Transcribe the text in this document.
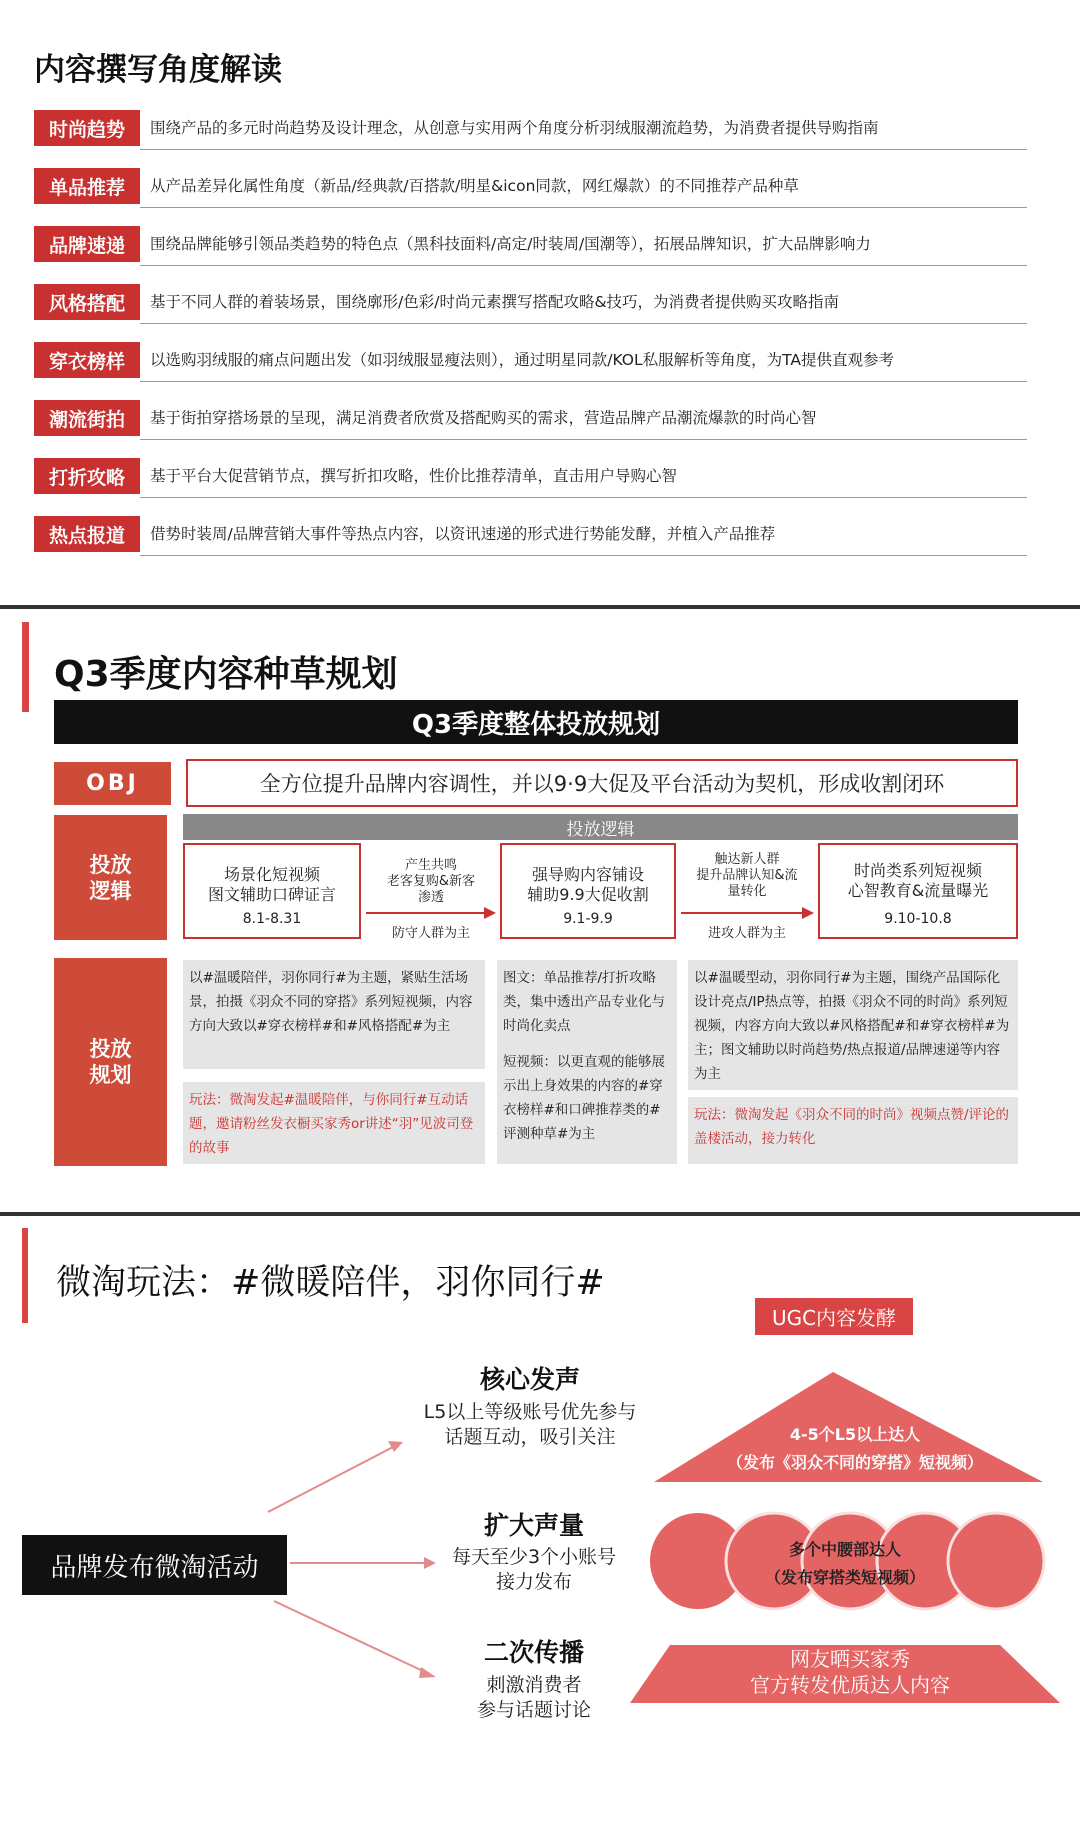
内容撰写角度解读
时尚趋势	围绕产品的多元时尚趋势及设计理念，从创意与实用两个角度分析羽绒服潮流趋势，为消费者提供导购指南
单品推荐	从产品差异化属性角度（新品/经典款/百搭款/明星&icon同款，网红爆款）的不同推荐产品种草
品牌速递	围绕品牌能够引领品类趋势的特色点（黑科技面料/高定/时装周/国潮等），拓展品牌知识，扩大品牌影响力
风格搭配	基于不同人群的着装场景，围绕廓形/色彩/时尚元素撰写搭配攻略&技巧，为消费者提供购买攻略指南
穿衣榜样	以选购羽绒服的痛点问题出发（如羽绒服显瘦法则），通过明星同款/KOL私服解析等角度，为TA提供直观参考
潮流街拍	基于街拍穿搭场景的呈现，满足消费者欣赏及搭配购买的需求，营造品牌产品潮流爆款的时尚心智
打折攻略	基于平台大促营销节点，撰写折扣攻略，性价比推荐清单，直击用户导购心智
热点报道	借势时装周/品牌营销大事件等热点内容，以资讯速递的形式进行势能发酵，并植入产品推荐
Q3季度内容种草规划
Q3季度整体投放规划
OBJ	全方位提升品牌内容调性，并以9·9大促及平台活动为契机，形成收割闭环
投放逻辑
投放
逻辑
场景化短视频
图文辅助口碑证言
8.1-8.31
强导购内容铺设
辅助9.9大促收割
9.1-9.9
时尚类系列短视频
心智教育&流量曝光
9.10-10.8
产生共鸣
老客复购&新客
渗透
防守人群为主
触达新人群
提升品牌认知&流
量转化
进攻人群为主
投放
规划
以#温暖陪伴，羽你同行#为主题，紧贴生活场景，拍摄《羽众不同的穿搭》系列短视频，内容方向大致以#穿衣榜样#和#风格搭配#为主
玩法：微淘发起#温暖陪伴，与你同行#互动话题，邀请粉丝发衣橱买家秀or讲述“羽”见波司登的故事
图文：单品推荐/打折攻略类，集中透出产品专业化与时尚化卖点
短视频：以更直观的能够展示出上身效果的内容的#穿衣榜样#和口碑推荐类的#评测种草#为主
以#温暖型动，羽你同行#为主题，围绕产品国际化设计亮点/IP热点等，拍摄《羽众不同的时尚》系列短视频，内容方向大致以#风格搭配#和#穿衣榜样#为主；图文辅助以时尚趋势/热点报道/品牌速递等内容为主
玩法：微淘发起《羽众不同的时尚》视频点赞/评论的盖楼活动，接力转化
微淘玩法：#微暖陪伴，羽你同行#
UGC内容发酵
品牌发布微淘活动
核心发声
L5以上等级账号优先参与
话题互动，吸引关注
扩大声量
每天至少3个小账号
接力发布
二次传播
刺激消费者
参与话题讨论
4-5个L5以上达人
（发布《羽众不同的穿搭》短视频）
多个中腰部达人
（发布穿搭类短视频）
网友晒买家秀
官方转发优质达人内容
